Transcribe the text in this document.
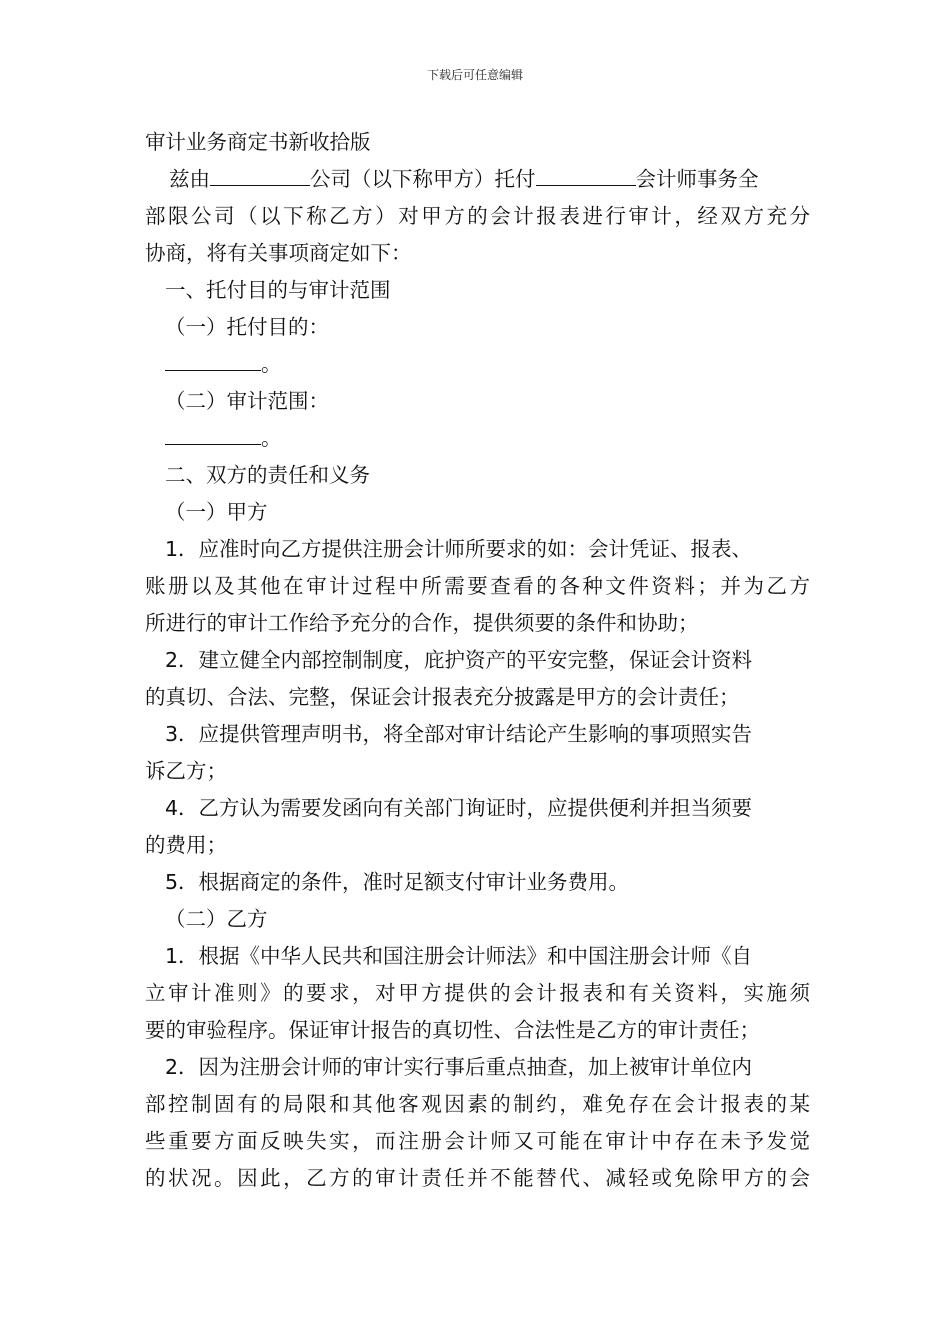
下载后可任意编辑
审计业务商定书新收拾版
兹由	公司（以下称甲方）托付	会计师事务全
部限公司（以下称乙方）对甲方的会计报表进行审计，经双方充分
协商，将有关事项商定如下：
一、托付目的与审计范围
（一）托付目的：
。
（二）审计范围：
。
二、双方的责任和义务
（一）甲方
1．应准时向乙方提供注册会计师所要求的如：会计凭证、报表、
账册以及其他在审计过程中所需要查看的各种文件资料；并为乙方
所进行的审计工作给予充分的合作，提供须要的条件和协助；
2．建立健全内部控制制度，庇护资产的平安完整，保证会计资料
的真切、合法、完整，保证会计报表充分披露是甲方的会计责任；
3．应提供管理声明书，将全部对审计结论产生影响的事项照实告
诉乙方；
4．乙方认为需要发函向有关部门询证时，应提供便利并担当须要
的费用；
5．根据商定的条件，准时足额支付审计业务费用。
（二）乙方
1．根据《中华人民共和国注册会计师法》和中国注册会计师《自
立审计准则》的要求，对甲方提供的会计报表和有关资料，实施须
要的审验程序。保证审计报告的真切性、合法性是乙方的审计责任；
2．因为注册会计师的审计实行事后重点抽查，加上被审计单位内
部控制固有的局限和其他客观因素的制约，难免存在会计报表的某
些重要方面反映失实，而注册会计师又可能在审计中存在未予发觉
的状况。因此，乙方的审计责任并不能替代、减轻或免除甲方的会
